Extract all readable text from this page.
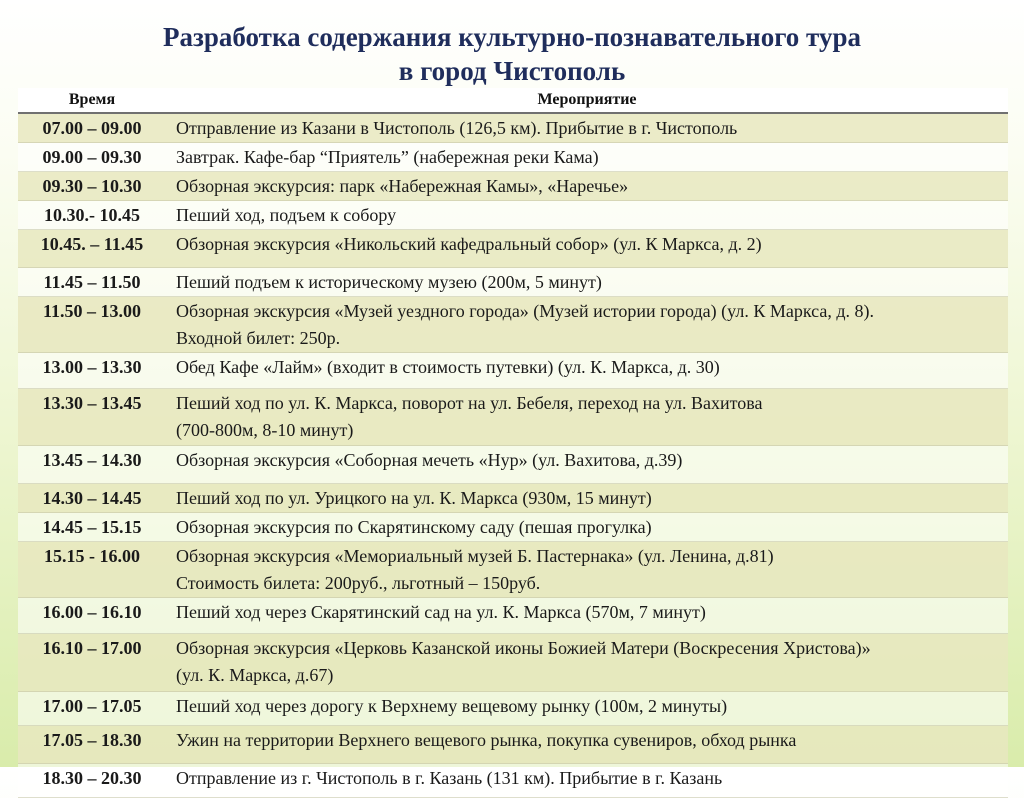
Разработка содержания культурно-познавательного тура
в город Чистополь
Время	Мероприятие
07.00 – 09.00	Отправление из Казани в Чистополь (126,5 км). Прибытие в г. Чистополь
09.00 – 09.30	Завтрак. Кафе-бар “Приятель” (набережная реки Кама)
09.30 – 10.30	Обзорная экскурсия: парк «Набережная Камы», «Наречье»
10.30.- 10.45	Пеший ход, подъем к собору
10.45. – 11.45	Обзорная экскурсия «Никольский кафедральный собор» (ул. К Маркса, д. 2)
11.45 – 11.50	Пеший подъем к историческому музею (200м, 5 минут)
11.50 – 13.00	Обзорная экскурсия «Музей уездного города» (Музей истории города) (ул. К Маркса, д. 8).
Входной билет: 250р.

13.00 – 13.30	Обед Кафе «Лайм» (входит в стоимость путевки) (ул. К. Маркса, д. 30)
13.30 – 13.45	Пеший ход по ул. К. Маркса, поворот на ул. Бебеля, переход на ул. Вахитова
(700-800м, 8-10 минут)

13.45 – 14.30	Обзорная экскурсия «Соборная мечеть «Нур» (ул. Вахитова, д.39)
14.30 – 14.45	Пеший ход по ул. Урицкого на ул. К. Маркса (930м, 15 минут)
14.45 – 15.15	Обзорная экскурсия по Скарятинскому саду (пешая прогулка)
15.15 - 16.00	Обзорная экскурсия «Мемориальный музей Б. Пастернака» (ул. Ленина, д.81)
Стоимость билета: 200руб., льготный – 150руб.

16.00 – 16.10	Пеший ход через Скарятинский сад на ул. К. Маркса (570м, 7 минут)
16.10 – 17.00	Обзорная экскурсия «Церковь Казанской иконы Божией Матери (Воскресения Христова)»
(ул. К. Маркса, д.67)

17.00 – 17.05	Пеший ход через дорогу к Верхнему вещевому рынку (100м, 2 минуты)
17.05 – 18.30	Ужин на территории Верхнего вещевого рынка, покупка сувениров, обход рынка
18.30 – 20.30	Отправление из г. Чистополь в г. Казань (131 км). Прибытие в г. Казань
